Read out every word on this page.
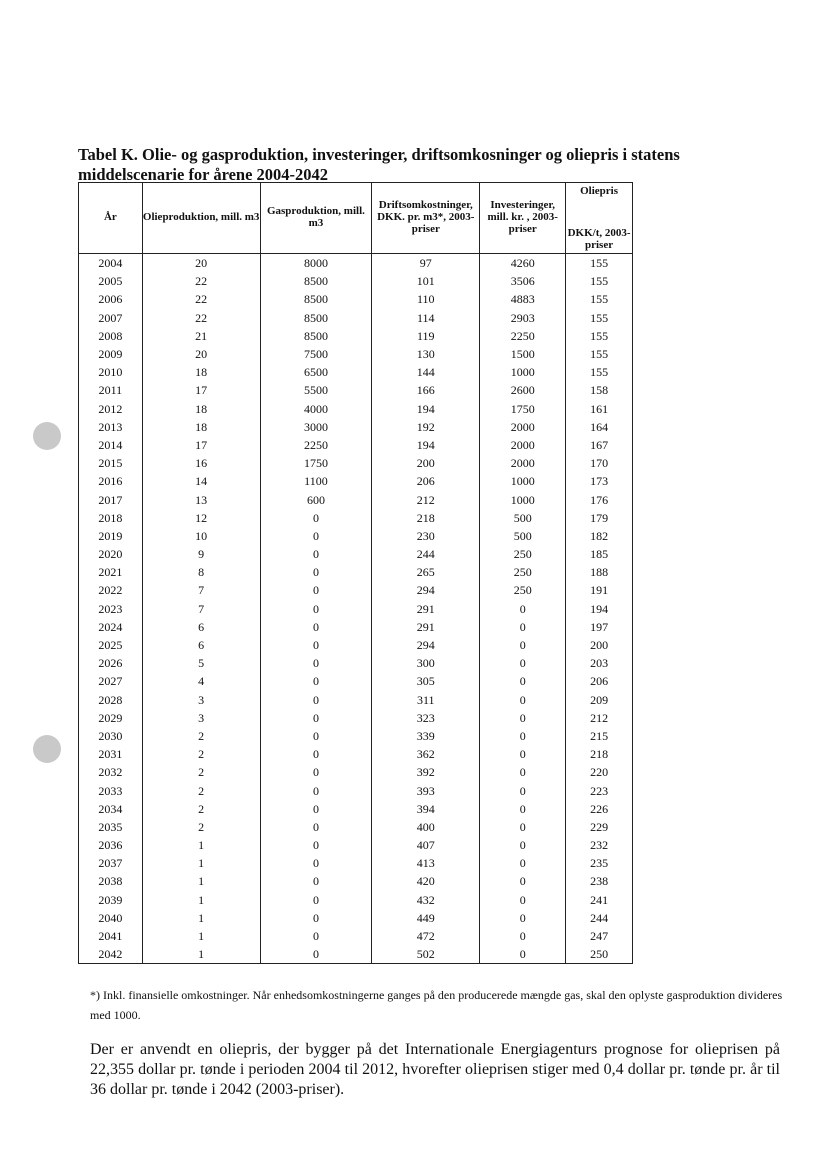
Tabel K. Olie- og gasproduktion, investeringer, driftsomkosninger og oliepris i statens middelscenarie for årene 2004-2042
År	Olieproduktion, mill. m3	Gasproduktion, mill. m3	Driftsomkostninger, DKK. pr. m3*, 2003-priser	Investeringer, mill. kr. , 2003-priser	Oliepris
					DKK/t, 2003-priser
2004	20	8000	97	4260	155
2005	22	8500	101	3506	155
2006	22	8500	110	4883	155
2007	22	8500	114	2903	155
2008	21	8500	119	2250	155
2009	20	7500	130	1500	155
2010	18	6500	144	1000	155
2011	17	5500	166	2600	158
2012	18	4000	194	1750	161
2013	18	3000	192	2000	164
2014	17	2250	194	2000	167
2015	16	1750	200	2000	170
2016	14	1100	206	1000	173
2017	13	600	212	1000	176
2018	12	0	218	500	179
2019	10	0	230	500	182
2020	9	0	244	250	185
2021	8	0	265	250	188
2022	7	0	294	250	191
2023	7	0	291	0	194
2024	6	0	291	0	197
2025	6	0	294	0	200
2026	5	0	300	0	203
2027	4	0	305	0	206
2028	3	0	311	0	209
2029	3	0	323	0	212
2030	2	0	339	0	215
2031	2	0	362	0	218
2032	2	0	392	0	220
2033	2	0	393	0	223
2034	2	0	394	0	226
2035	2	0	400	0	229
2036	1	0	407	0	232
2037	1	0	413	0	235
2038	1	0	420	0	238
2039	1	0	432	0	241
2040	1	0	449	0	244
2041	1	0	472	0	247
2042	1	0	502	0	250
*) Inkl. finansielle omkostninger. Når enhedsomkostningerne ganges på den producerede mængde gas, skal den oplyste gasproduktion divideres med 1000.
Der er anvendt en oliepris, der bygger på det Internationale Energiagenturs prognose for olieprisen på 22,355 dollar pr. tønde i perioden 2004 til 2012, hvorefter olieprisen stiger med 0,4 dollar pr. tønde pr. år til 36 dollar pr. tønde i 2042 (2003-priser).
